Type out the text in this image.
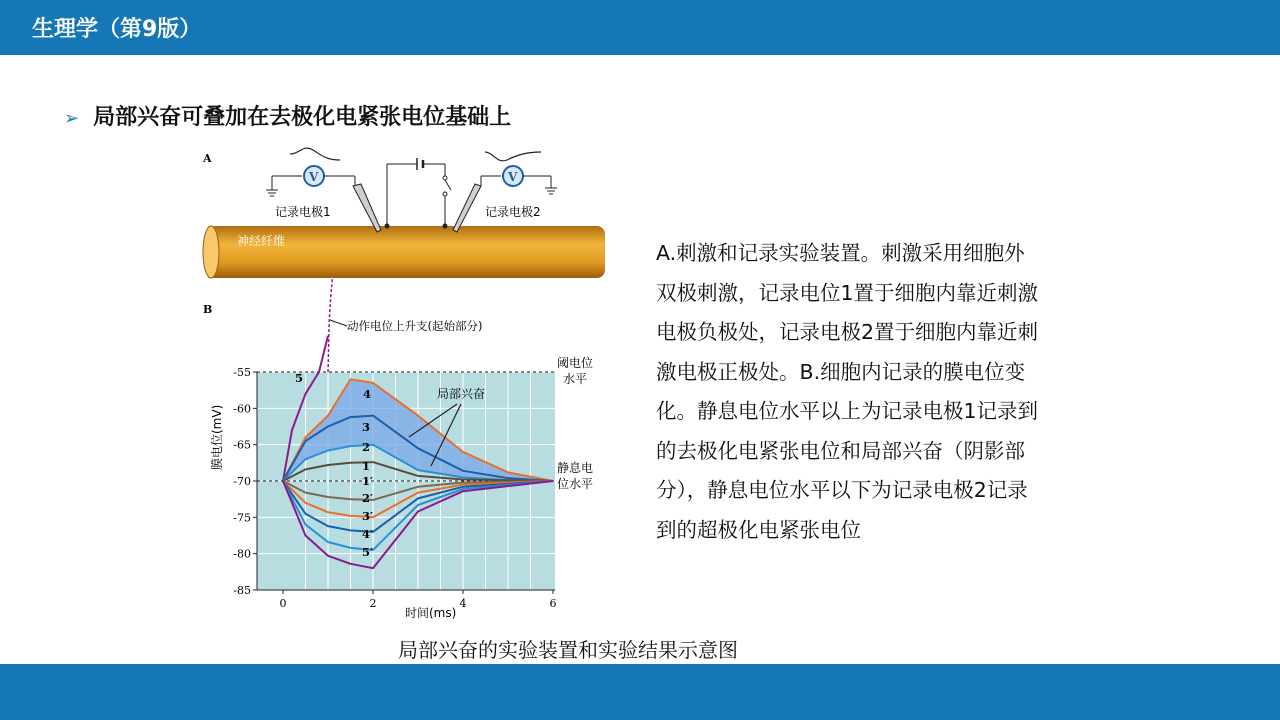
生理学（第9版）
➢ 局部兴奋可叠加在去极化电紧张电位基础上
A
神经纤维
V
记录电极1
V
记录电极2
B
-55
-60
-65
-70
-75
-80
-85
0	2	4	6
5
4
3
2
1
1′
2′
3′
4′
5′
动作电位上升支(起始部分)
阈电位
水平
静息电
位水平
局部兴奋
时间(ms)
膜电位(mV)
A.刺激和记录实验装置。刺激采用细胞外
双极刺激，记录电位1置于细胞内靠近刺激
电极负极处，记录电极2置于细胞内靠近刺
激电极正极处。B.细胞内记录的膜电位变
化。静息电位水平以上为记录电极1记录到
的去极化电紧张电位和局部兴奋（阴影部
分），静息电位水平以下为记录电极2记录
到的超极化电紧张电位
局部兴奋的实验装置和实验结果示意图
